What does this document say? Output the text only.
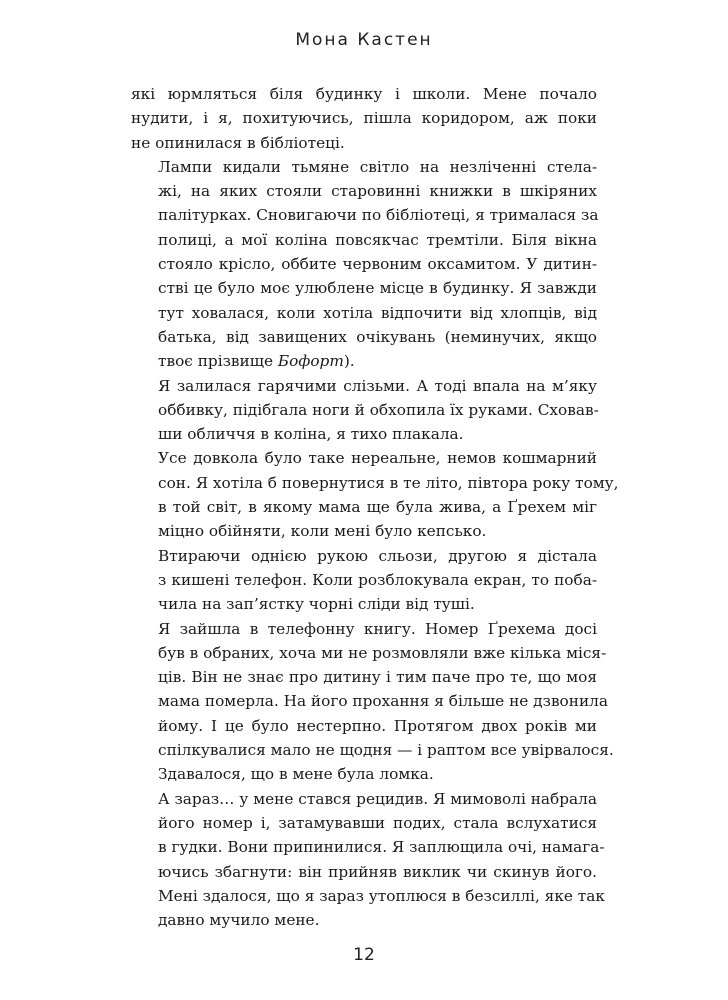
Мона Кастен

які юрмляться біля будинку і школи. Мене почало
нудити, і я, похитуючись, пішла коридором, аж поки
не опинилася в бібліотеці.

Лампи кидали тьмяне світло на незліченні стела-
жі, на яких стояли старовинні книжки в шкіряних
палітурках. Сновигаючи по бібліотеці, я трималася за
полиці, а мої коліна повсякчас тремтіли. Біля вікна
стояло крісло, оббите червоним оксамитом. У дитин-
стві це було моє улюблене місце в будинку. Я завжди
тут ховалася, коли хотіла відпочити від хлопців, від
батька, від завищених очікувань (неминучих, якщо
твоє прізвище Бофорт).

Я залилася гарячими слізьми. А тоді впала на м’яку
оббивку, підібгала ноги й обхопила їх руками. Сховав-
ши обличчя в коліна, я тихо плакала.

Усе довкола було таке нереальне, немов кошмарний
сон. Я хотіла б повернутися в те літо, півтора року тому,
в той світ, в якому мама ще була жива, а Ґрехем міг
міцно обійняти, коли мені було кепсько.

Втираючи однією рукою сльози, другою я дістала
з кишені телефон. Коли розблокувала екран, то поба-
чила на зап’ястку чорні сліди від туші.

Я зайшла в телефонну книгу. Номер Ґрехема досі
був в обраних, хоча ми не розмовляли вже кілька міся-
ців. Він не знає про дитину і тим паче про те, що моя
мама померла. На його прохання я більше не дзвонила
йому. І це було нестерпно. Протягом двох років ми
спілкувалися мало не щодня — і раптом все увірвалося.
Здавалося, що в мене була ломка.

А зараз… у мене стався рецидив. Я мимоволі набрала
його номер і, затамувавши подих, стала вслухатися
в гудки. Вони припинилися. Я заплющила очі, намага-
ючись збагнути: він прийняв виклик чи скинув його.
Мені здалося, що я зараз утоплюся в безсиллі, яке так
давно мучило мене.

12
